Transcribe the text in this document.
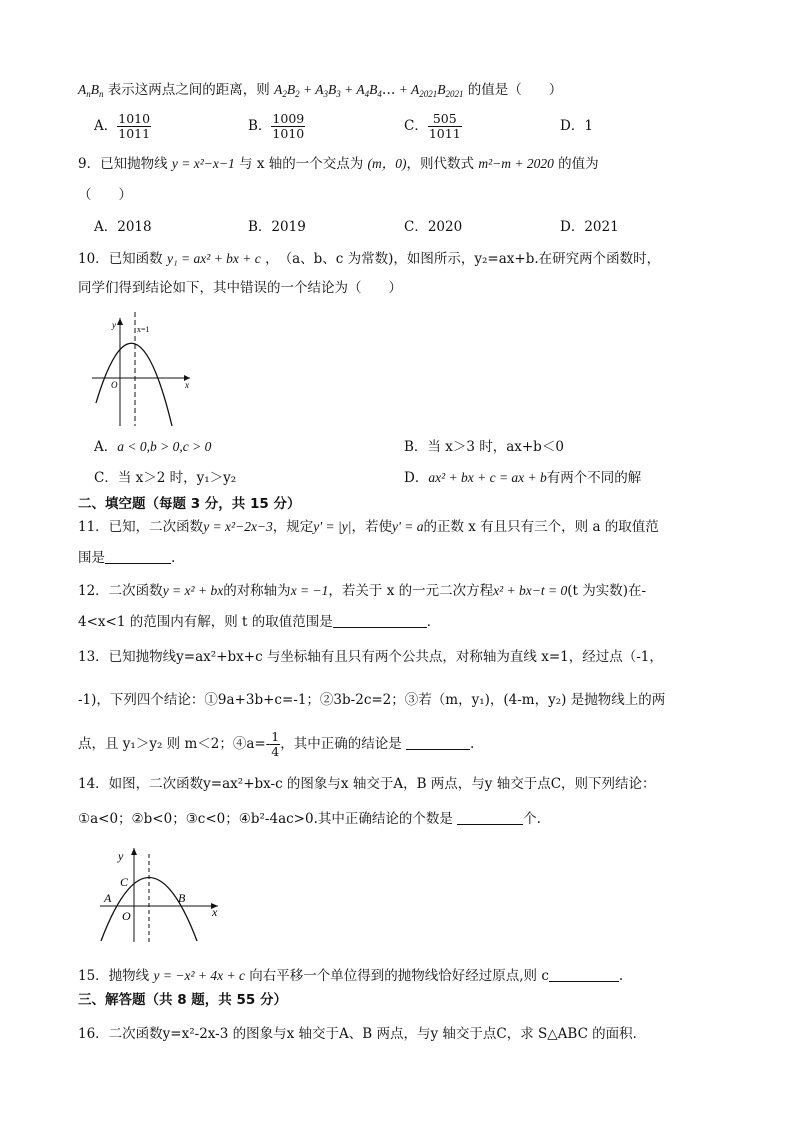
$A_nB_n$ 表示这两点之间的距离，则 $A_2B_2 + A_3B_3$ + $A_4B_4\dots + A_{2021}B_{2021}$ 的值是（　　）
A． $\frac{1010}{1011}$	B． $\frac{1009}{1010}$	C． $\frac{505}{1011}$	D．1
9．已知抛物线 y = x²−x−1 与 x 轴的一个交点为 (m，0)，则代数式 m²−m + 2020 的值为
（　　）
A．2018	B．2019	C．2020	D．2021
10．已知函数 y₁ = ax² + bx + c ，　（a、b、c 为常数)，如图所示，y₂=ax+b.在研究两个函数时，
同学们得到结论如下，其中错误的一个结论为（　　）
y
x
O
x=1
A．a < 0,b > 0,c > 0	B．当 x＞3 时，ax+b＜0
C．当 x＞2 时，y₁＞y₂	D．ax² + bx + c = ax + b有两个不同的解
二、填空题（每题 3 分，共 15 分）
11．已知，二次函数y = x²−2x−3，规定y' = |y|，若使y' = a的正数 x 有且只有三个，则 a 的取值范
围是	.
12．二次函数y = x² + bx的对称轴为x = −1，若关于 x 的一元二次方程x² + bx−t = 0(t 为实数)在-
4<x<1 的范围内有解，则 t 的取值范围是	．
13．已知抛物线y=ax²+bx+c 与坐标轴有且只有两个公共点，对称轴为直线 x=1，经过点（-1，
-1)，下列四个结论：①9a+3b+c=-1；②3b-2c=2；③若（m，y₁)，(4-m，y₂) 是抛物线上的两
点，且 y₁＞y₂ 则 m＜2；④a=- $\frac{1}{4}$ ，其中正确的结论是	.
14．如图，二次函数y=ax²+bx-c 的图象与x 轴交于A，B 两点，与y 轴交于点C，则下列结论：
①a<0；②b<0；③c<0；④b²-4ac>0.其中正确结论的个数是	个.
y
x
C
A	B
O
15．抛物线 y = −x² + 4x + c 向右平移一个单位得到的抛物线恰好经过原点,则 c	.
三、解答题（共 8 题，共 55 分）
16．二次函数y=x²-2x-3 的图象与x 轴交于A、B 两点，与y 轴交于点C，求 S△ABC 的面积．
